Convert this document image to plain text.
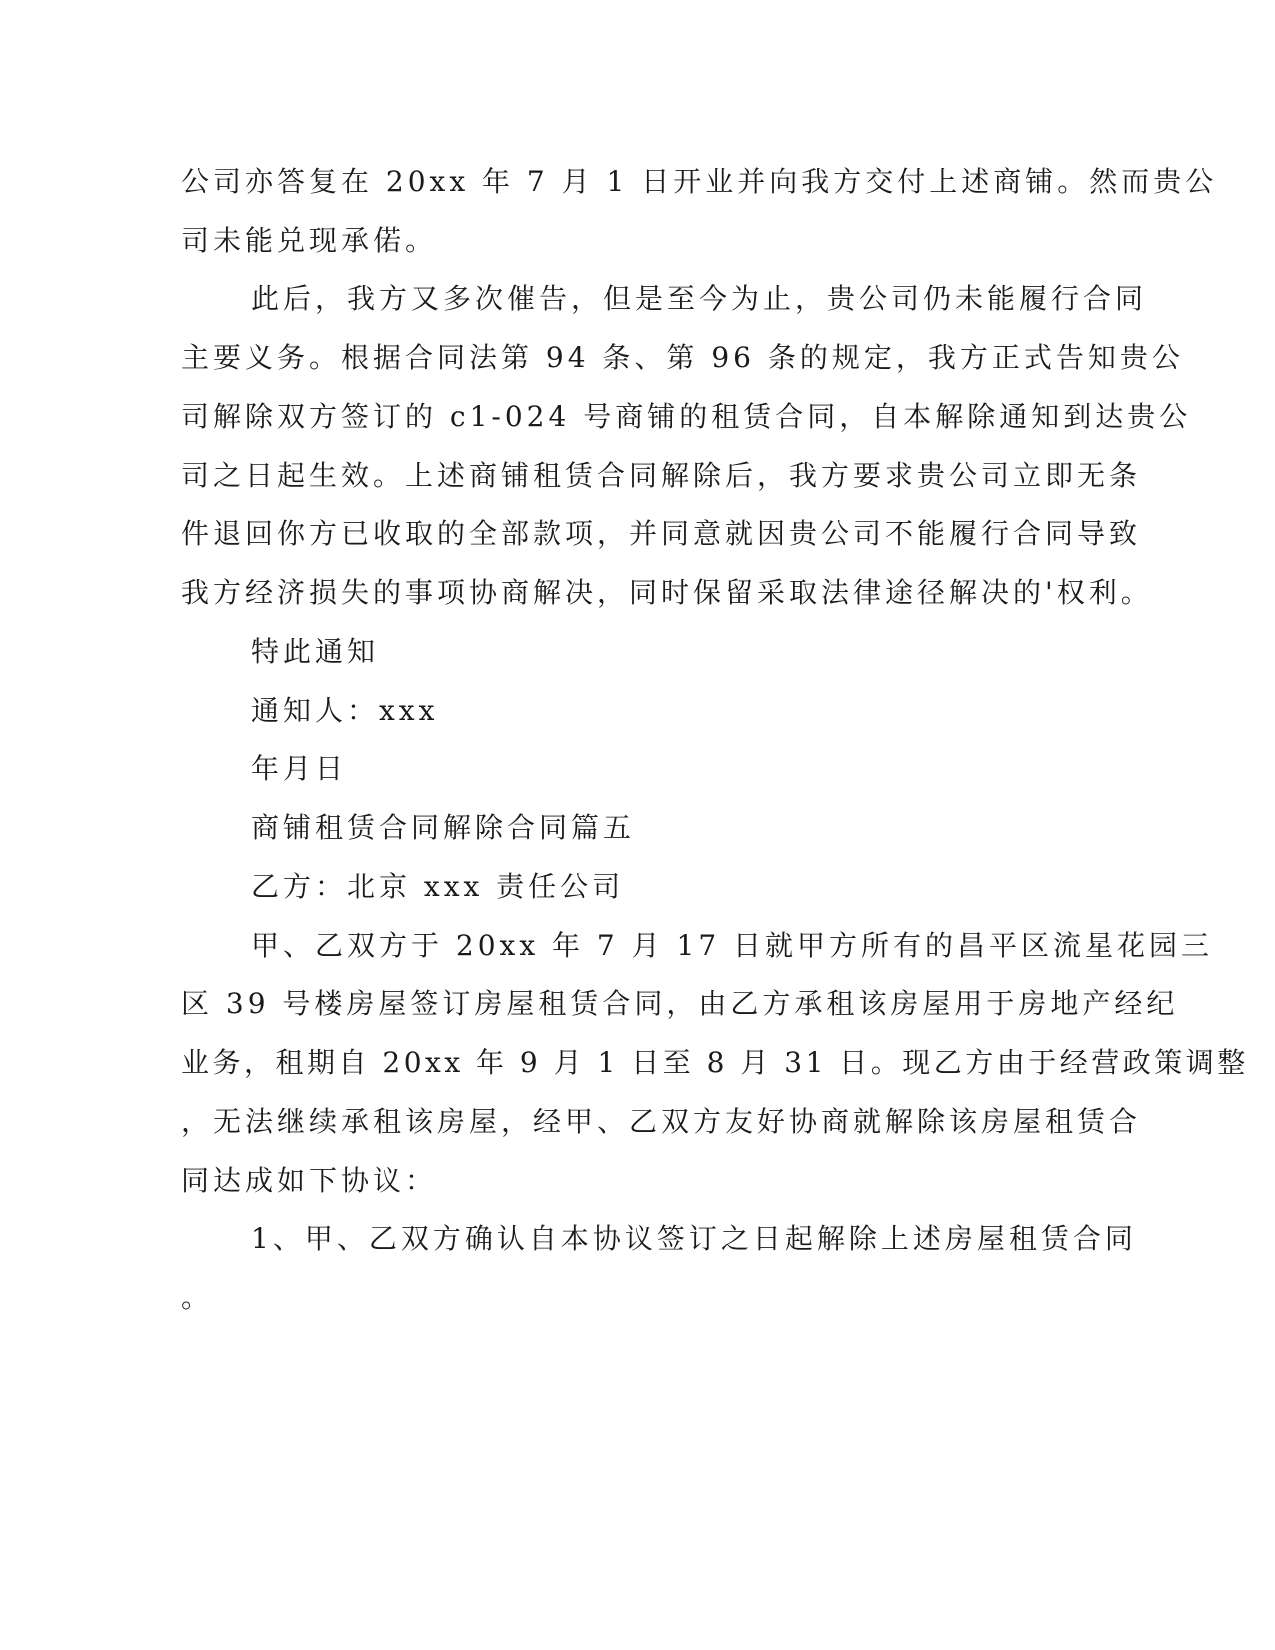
公司亦答复在 20xx 年 7 月 1 日开业并向我方交付上述商铺。然而贵公
司未能兑现承偌。
此后，我方又多次催告，但是至今为止，贵公司仍未能履行合同
主要义务。根据合同法第 94 条、第 96 条的规定，我方正式告知贵公
司解除双方签订的 c1-024 号商铺的租赁合同，自本解除通知到达贵公
司之日起生效。上述商铺租赁合同解除后，我方要求贵公司立即无条
件退回你方已收取的全部款项，并同意就因贵公司不能履行合同导致
我方经济损失的事项协商解决，同时保留采取法律途径解决的'权利。
特此通知
通知人：xxx
年月日
商铺租赁合同解除合同篇五
乙方：北京 xxx 责任公司
甲、乙双方于 20xx 年 7 月 17 日就甲方所有的昌平区流星花园三
区 39 号楼房屋签订房屋租赁合同，由乙方承租该房屋用于房地产经纪
业务，租期自 20xx 年 9 月 1 日至 8 月 31 日。现乙方由于经营政策调整
，无法继续承租该房屋，经甲、乙双方友好协商就解除该房屋租赁合
同达成如下协议：
1、甲、乙双方确认自本协议签订之日起解除上述房屋租赁合同
。
